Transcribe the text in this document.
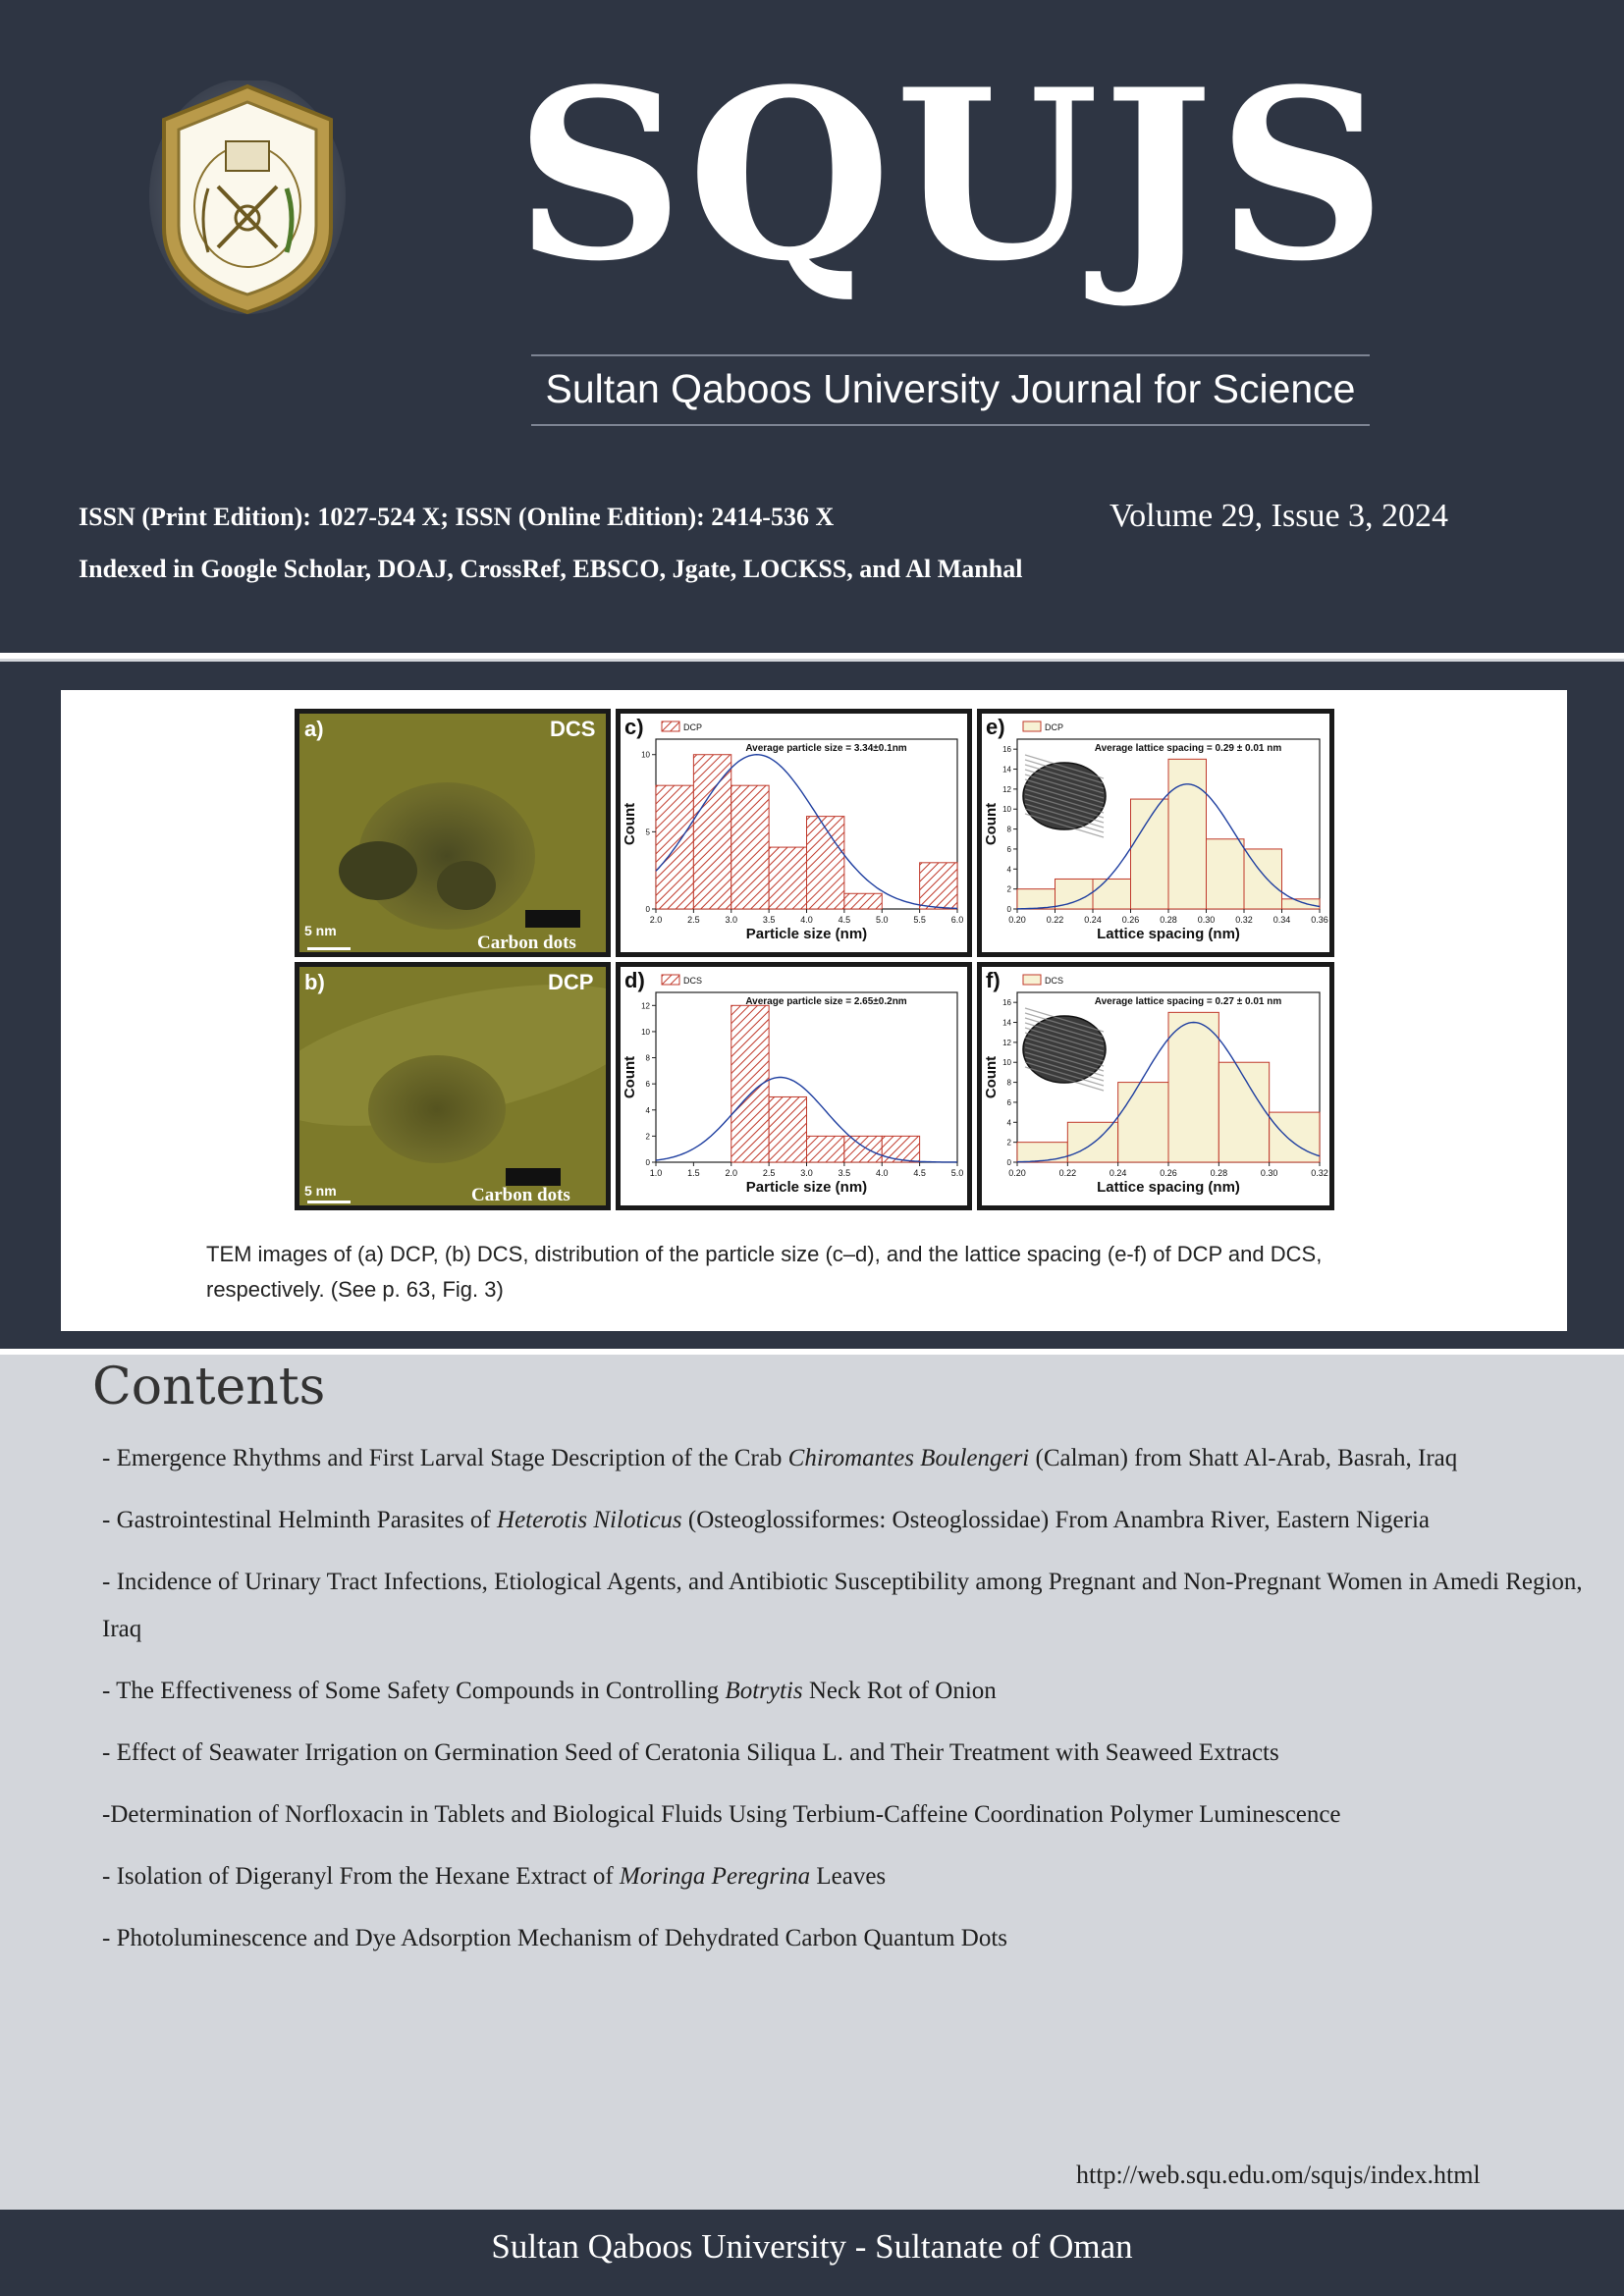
SQUJS
Sultan Qaboos University Journal for Science
ISSN (Print Edition): 1027-524 X; ISSN (Online Edition): 2414-536 X
Indexed in Google Scholar, DOAJ, CrossRef, EBSCO, Jgate, LOCKSS, and Al Manhal
Volume 29, Issue 3, 2024
a)	DCS
5 nm
Carbon dots
b)	DCP
5 nm	Carbon dots
2.0	2.5	3.0	3.5	4.0	4.5	5.0	5.5	6.0
0
5
10
Particle size (nm)
Count
DCP
Average particle size = 3.34±0.1nm
c)
1.0	1.5	2.0	2.5	3.0	3.5	4.0	4.5	5.0
0
2
4
6
8
10
12
Particle size (nm)
Count
DCS
Average particle size = 2.65±0.2nm
d)
0.20 0.22 0.24 0.26 0.28 0.30 0.32 0.34 0.36
0
2
4
6
8
10
12
14
16
Lattice spacing (nm)
Count
DCP
Average lattice spacing = 0.29 ± 0.01 nm
e)
0.20	0.22	0.24	0.26	0.28	0.30	0.32
0
2
4
6
8
10
12
14
16
Lattice spacing (nm)
Count
DCS
Average lattice spacing = 0.27 ± 0.01 nm
f)
TEM images of (a) DCP, (b) DCS, distribution of the particle size (c–d), and the lattice spacing (e-f) of DCP and DCS, respectively. (See p. 63, Fig. 3)
Contents
- Emergence Rhythms and First Larval Stage Description of the Crab Chiromantes Boulengeri (Calman) from Shatt Al-Arab, Basrah, Iraq
- Gastrointestinal Helminth Parasites of Heterotis Niloticus (Osteoglossiformes: Osteoglossidae) From Anambra River, Eastern Nigeria
- Incidence of Urinary Tract Infections, Etiological Agents, and Antibiotic Susceptibility among Pregnant and Non-Pregnant Women in Amedi Region, Iraq
- The Effectiveness of Some Safety Compounds in Controlling Botrytis Neck Rot of Onion
- Effect of Seawater Irrigation on Germination Seed of Ceratonia Siliqua L. and Their Treatment with Seaweed Extracts
-Determination of Norfloxacin in Tablets and Biological Fluids Using Terbium-Caffeine Coordination Polymer Luminescence
- Isolation of Digeranyl From the Hexane Extract of Moringa Peregrina Leaves
- Photoluminescence and Dye Adsorption Mechanism of Dehydrated Carbon Quantum Dots
http://web.squ.edu.om/squjs/index.html
Sultan Qaboos University - Sultanate of Oman
